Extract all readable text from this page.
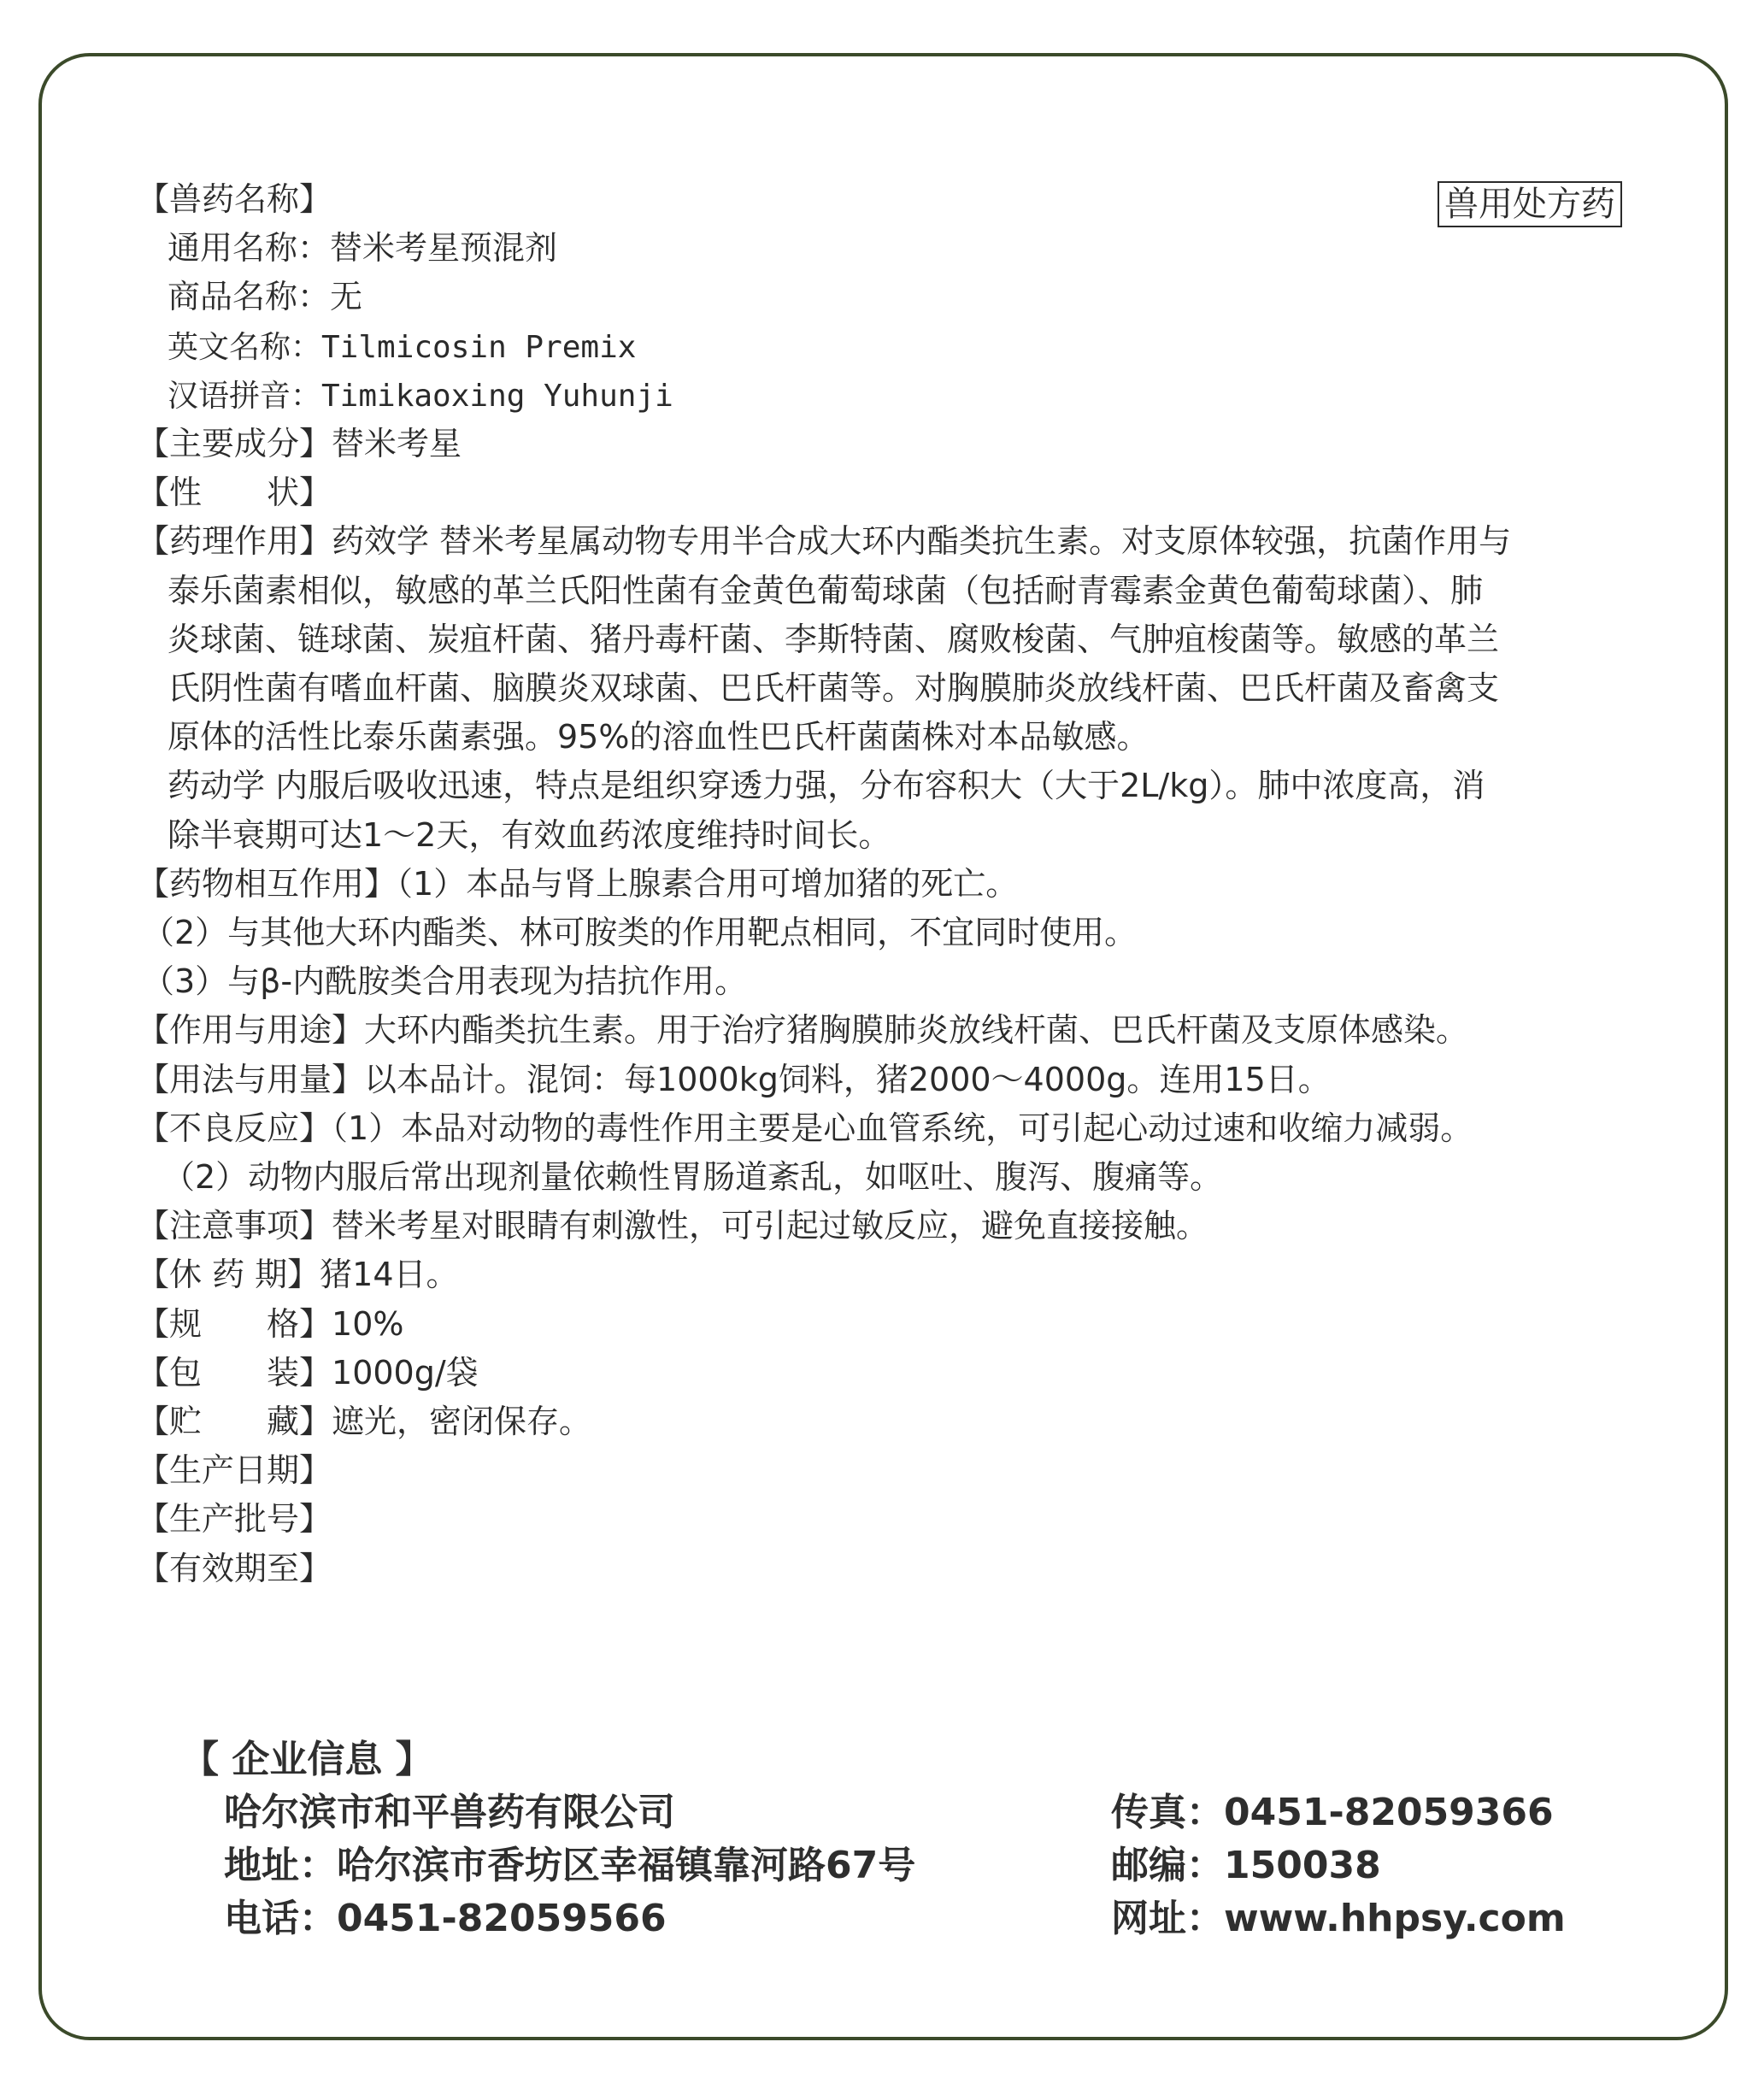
兽用处方药
【兽药名称】
通用名称：替米考星预混剂
商品名称：无
英文名称：Tilmicosin Premix
汉语拼音：Timikaoxing Yuhunji
【主要成分】替米考星
【性　　状】
【药理作用】药效学 替米考星属动物专用半合成大环内酯类抗生素。对支原体较强，抗菌作用与
泰乐菌素相似，敏感的革兰氏阳性菌有金黄色葡萄球菌（包括耐青霉素金黄色葡萄球菌）、肺
炎球菌、链球菌、炭疽杆菌、猪丹毒杆菌、李斯特菌、腐败梭菌、气肿疽梭菌等。敏感的革兰
氏阴性菌有嗜血杆菌、脑膜炎双球菌、巴氏杆菌等。对胸膜肺炎放线杆菌、巴氏杆菌及畜禽支
原体的活性比泰乐菌素强。95%的溶血性巴氏杆菌菌株对本品敏感。
药动学 内服后吸收迅速，特点是组织穿透力强，分布容积大（大于2L/kg）。肺中浓度高，消
除半衰期可达1～2天，有效血药浓度维持时间长。
【药物相互作用】（1）本品与肾上腺素合用可增加猪的死亡。
（2）与其他大环内酯类、林可胺类的作用靶点相同，不宜同时使用。
（3）与β-内酰胺类合用表现为拮抗作用。
【作用与用途】大环内酯类抗生素。用于治疗猪胸膜肺炎放线杆菌、巴氏杆菌及支原体感染。
【用法与用量】以本品计。混饲：每1000kg饲料，猪2000～4000g。连用15日。
【不良反应】（1）本品对动物的毒性作用主要是心血管系统，可引起心动过速和收缩力减弱。
（2）动物内服后常出现剂量依赖性胃肠道紊乱，如呕吐、腹泻、腹痛等。
【注意事项】替米考星对眼睛有刺激性，可引起过敏反应，避免直接接触。
【休 药 期】猪14日。
【规　　格】10%
【包　　装】1000g/袋
【贮　　藏】遮光，密闭保存。
【生产日期】
【生产批号】
【有效期至】
【 企业信息 】
哈尔滨市和平兽药有限公司
地址：哈尔滨市香坊区幸福镇靠河路67号
电话：0451-82059566
传真：0451-82059366
邮编：150038
网址：www.hhpsy.com
